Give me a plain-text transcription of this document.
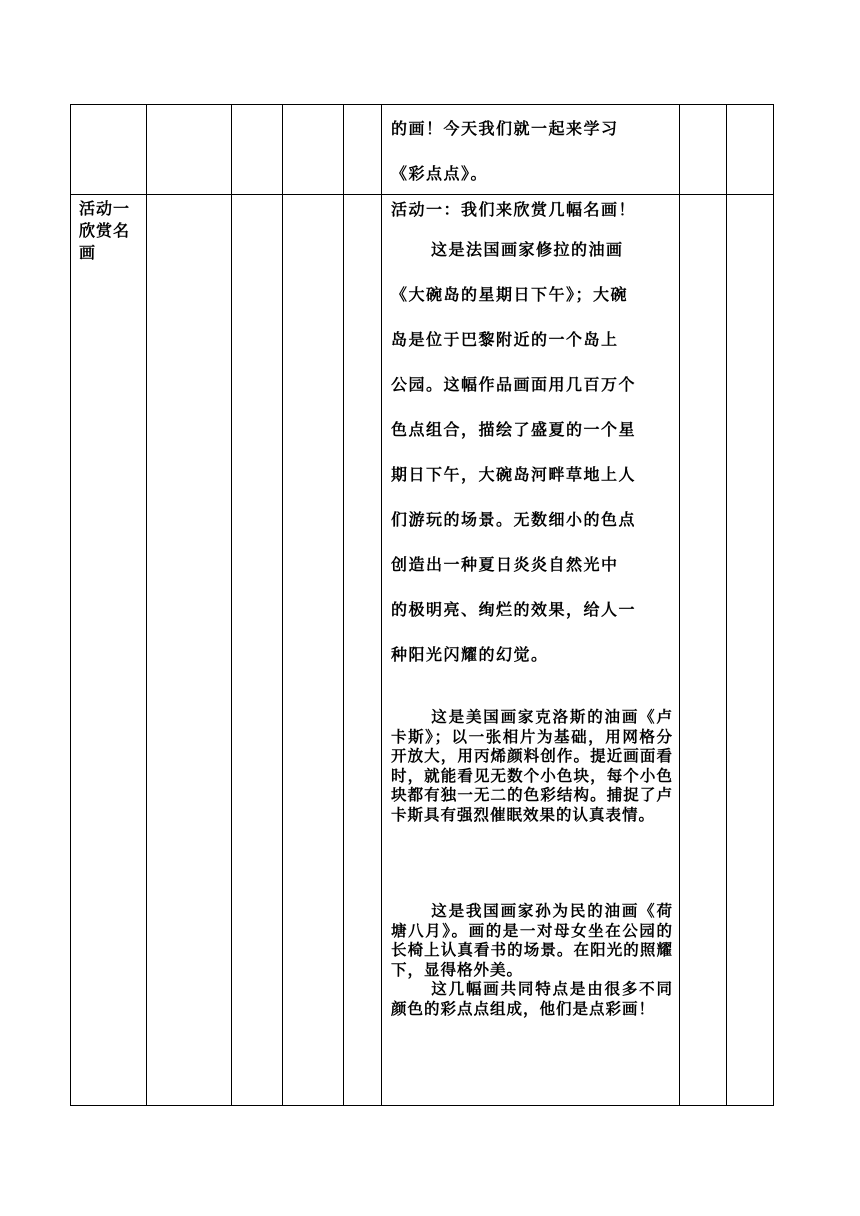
的画！今天我们就一起来学习

《彩点点》。

活动一
欣赏名
画
活动一：我们来欣赏几幅名画！

这是法国画家修拉的油画

《大碗岛的星期日下午》；大碗

岛是位于巴黎附近的一个岛上

公园。这幅作品画面用几百万个

色点组合，描绘了盛夏的一个星

期日下午，大碗岛河畔草地上人

们游玩的场景。无数细小的色点

创造出一种夏日炎炎自然光中

的极明亮、绚烂的效果，给人一

种阳光闪耀的幻觉。

这是美国画家克洛斯的油画《卢卡斯》；以一张相片为基础，用网格分开放大，用丙烯颜料创作。提近画面看时，就能看见无数个小色块，每个小色块都有独一无二的色彩结构。捕捉了卢卡斯具有强烈催眠效果的认真表情。

这是我国画家孙为民的油画《荷塘八月》。画的是一对母女坐在公园的长椅上认真看书的场景。在阳光的照耀下，显得格外美。

这几幅画共同特点是由很多不同颜色的彩点点组成，他们是点彩画！
